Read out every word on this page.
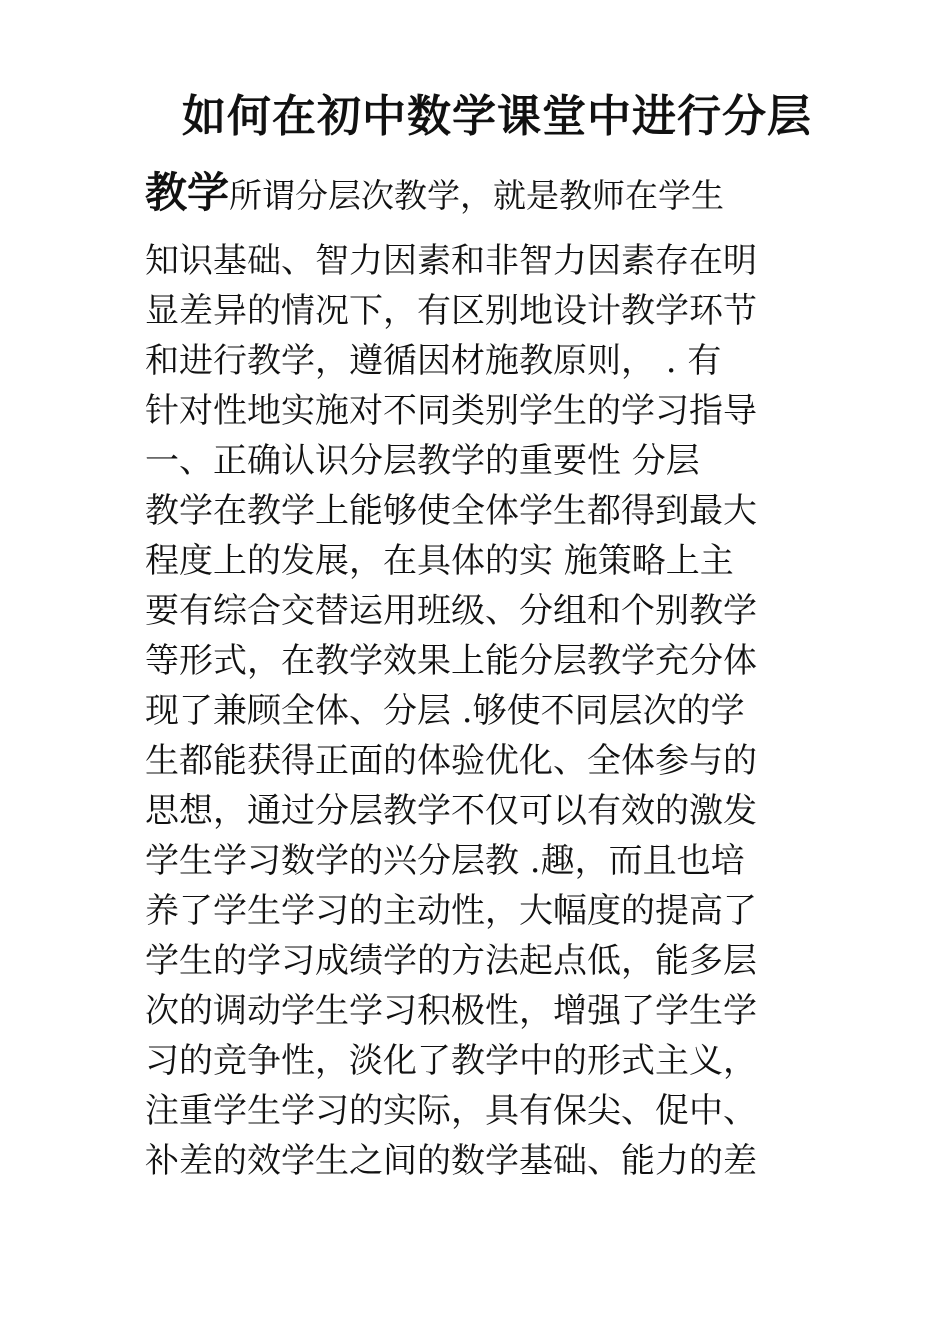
如何在初中数学课堂中进行分层
教学所谓分层次教学，就是教师在学生
知识基础、智力因素和非智力因素存在明
显差异的情况下，有区别地设计教学环节
和进行教学，遵循因材施教原则， . 有
针对性地实施对不同类别学生的学习指导
一、正确认识分层教学的重要性 分层
教学在教学上能够使全体学生都得到最大
程度上的发展，在具体的实 施策略上主
要有综合交替运用班级、分组和个别教学
等形式，在教学效果上能分层教学充分体
现了兼顾全体、分层 .够使不同层次的学
生都能获得正面的体验优化、全体参与的
思想，通过分层教学不仅可以有效的激发
学生学习数学的兴分层教 .趣，而且也培
养了学生学习的主动性，大幅度的提高了
学生的学习成绩学的方法起点低，能多层
次的调动学生学习积极性，增强了学生学
习的竞争性，淡化了教学中的形式主义，
注重学生学习的实际，具有保尖、促中、
补差的效学生之间的数学基础、能力的差
